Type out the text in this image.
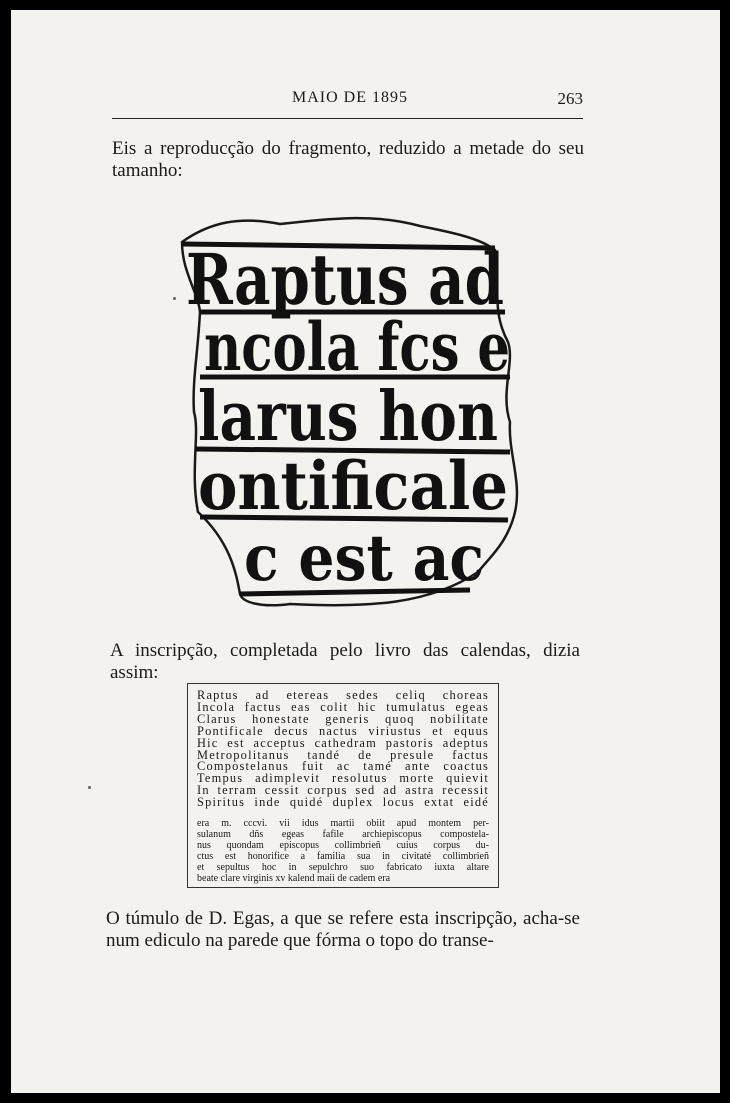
MAIO DE 1895	263
Eis a reproducção do fragmento, reduzido a metade do seu tamanho:
Raptus ad
ncola fcs e
larus hon
ontificale
c est ac
A inscripção, completada pelo livro das calendas, dizia assim:
Raptus ad etereas sedes celiq choreas
Incola factus eas colit hic tumulatus egeas
Clarus honestate generis quoq nobilitate
Pontificale decus nactus viriustus et equus
Hic est acceptus cathedram pastoris adeptus
Metropolitanus tandé de presule factus
Compostelanus fuit ac tamé ante coactus
Tempus adimplevit resolutus morte quievit
In terram cessit corpus sed ad astra recessit
Spiritus inde quidé duplex locus extat eidé
era m. cccvi. vii idus martii obiit apud montem per-
sulanum dñs egeas fafile archiepiscopus compostela-
nus quondam episcopus collimbrieñ cuius corpus du-
ctus est honorifice a familia sua in civitaté collimbrieñ
et sepultus hoc in sepulchro suo fabricato iuxta altare
beate clare virginis xv kalend maii de cadem era
O túmulo de D. Egas, a que se refere esta inscripção, acha-se num ediculo na parede que fórma o topo do transe-
